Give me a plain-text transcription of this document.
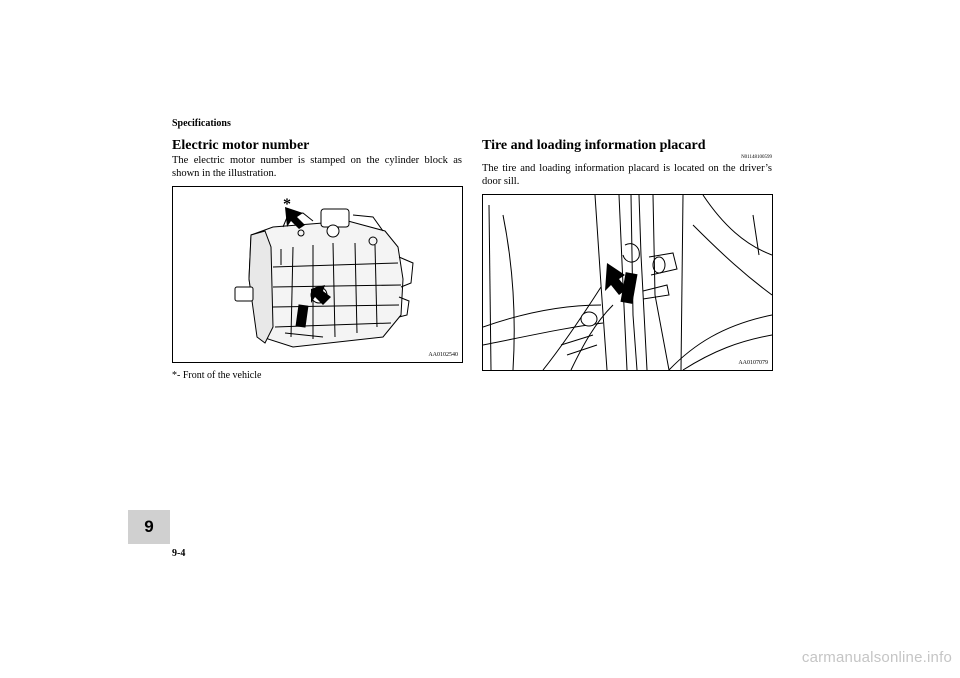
Specifications
Electric motor number
The electric motor number is stamped on the cylinder block as shown in the illustration.
*
AA0102540
*- Front of the vehicle
Tire and loading information placard
N01148100599
The tire and loading information placard is located on the driver’s door sill.
AA0107079
9
9-4
carmanualsonline.info
